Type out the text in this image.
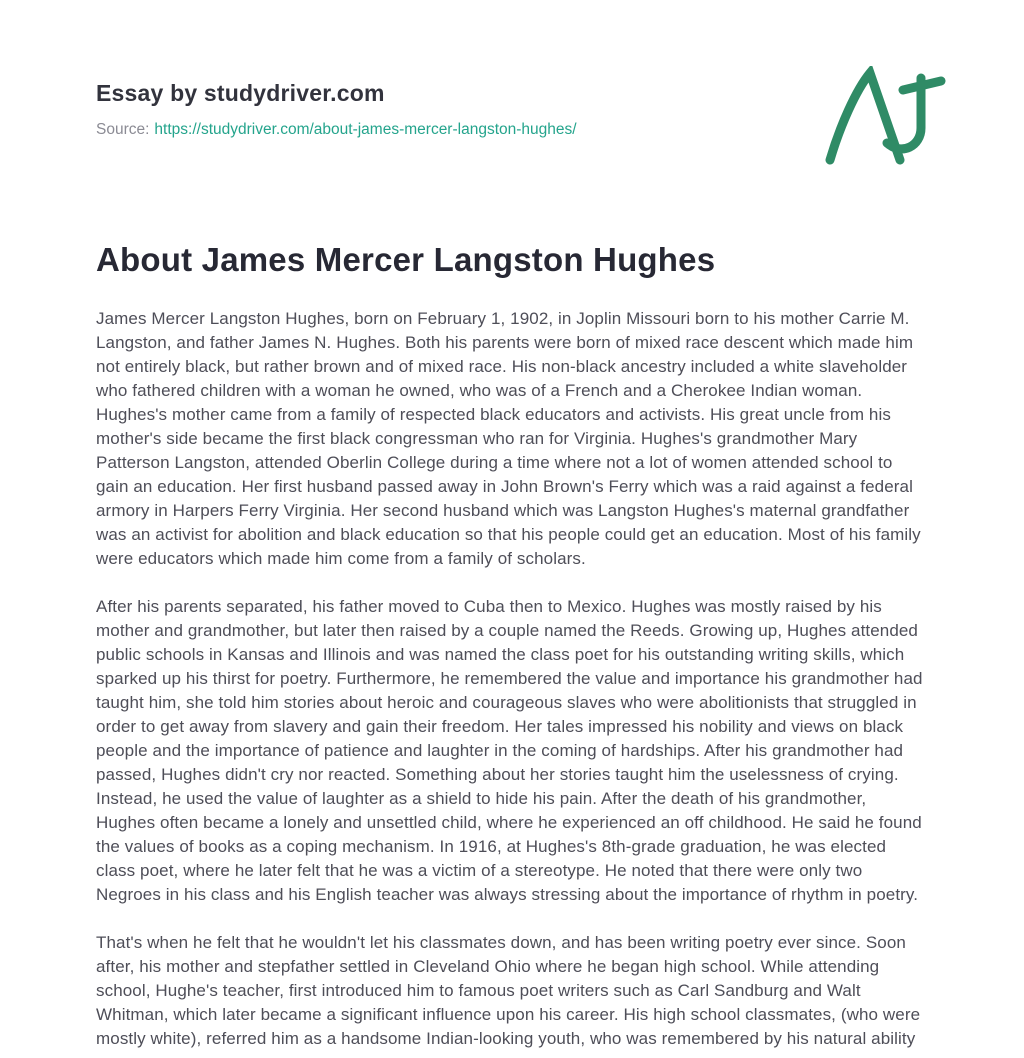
Essay by studydriver.com
Source: https://studydriver.com/about-james-mercer-langston-hughes/
About James Mercer Langston Hughes

James Mercer Langston Hughes, born on February 1, 1902, in Joplin Missouri born to his mother Carrie M. Langston, and father James N. Hughes. Both his parents were born of mixed race descent which made him not entirely black, but rather brown and of mixed race. His non-black ancestry included a white slaveholder who fathered children with a woman he owned, who was of a French and a Cherokee Indian woman. Hughes's mother came from a family of respected black educators and activists. His great uncle from his mother's side became the first black congressman who ran for Virginia. Hughes's grandmother Mary Patterson Langston, attended Oberlin College during a time where not a lot of women attended school to gain an education. Her first husband passed away in John Brown's Ferry which was a raid against a federal armory in Harpers Ferry Virginia. Her second husband which was Langston Hughes's maternal grandfather was an activist for abolition and black education so that his people could get an education. Most of his family were educators which made him come from a family of scholars.

After his parents separated, his father moved to Cuba then to Mexico. Hughes was mostly raised by his mother and grandmother, but later then raised by a couple named the Reeds. Growing up, Hughes attended public schools in Kansas and Illinois and was named the class poet for his outstanding writing skills, which sparked up his thirst for poetry. Furthermore, he remembered the value and importance his grandmother had taught him, she told him stories about heroic and courageous slaves who were abolitionists that struggled in order to get away from slavery and gain their freedom. Her tales impressed his nobility and views on black people and the importance of patience and laughter in the coming of hardships. After his grandmother had passed, Hughes didn't cry nor reacted. Something about her stories taught him the uselessness of crying. Instead, he used the value of laughter as a shield to hide his pain. After the death of his grandmother, Hughes often became a lonely and unsettled child, where he experienced an off childhood. He said he found the values of books as a coping mechanism. In 1916, at Hughes's 8th-grade graduation, he was elected class poet, where he later felt that he was a victim of a stereotype. He noted that there were only two Negroes in his class and his English teacher was always stressing about the importance of rhythm in poetry.

That's when he felt that he wouldn't let his classmates down, and has been writing poetry ever since. Soon after, his mother and stepfather settled in Cleveland Ohio where he began high school. While attending school, Hughe's teacher, first introduced him to famous poet writers such as Carl Sandburg and Walt Whitman, which later became a significant influence upon his career. His high school classmates, (who were mostly white), referred him as a handsome Indian-looking youth, who was remembered by his natural ability
